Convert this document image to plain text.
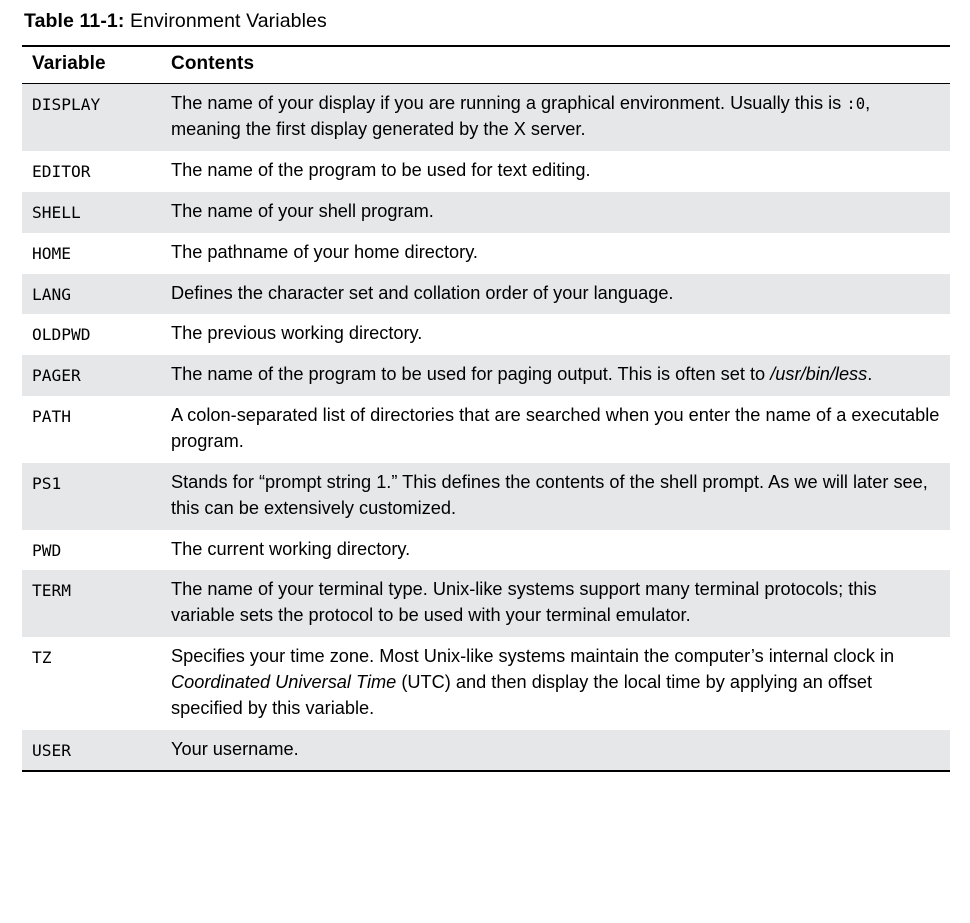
Table 11-1: Environment Variables
Variable	Contents
DISPLAY	The name of your display if you are running a graphical environment. Usually this is :0, meaning the first display generated by the X server.
EDITOR	The name of the program to be used for text editing.
SHELL	The name of your shell program.
HOME	The pathname of your home directory.
LANG	Defines the character set and collation order of your language.
OLDPWD	The previous working directory.
PAGER	The name of the program to be used for paging output. This is often set to /usr/bin/less.
PATH	A colon-separated list of directories that are searched when you enter the name of a executable program.
PS1	Stands for “prompt string 1.” This defines the contents of the shell prompt. As we will later see, this can be extensively customized.
PWD	The current working directory.
TERM	The name of your terminal type. Unix-like systems support many terminal protocols; this variable sets the protocol to be used with your terminal emulator.
TZ	Specifies your time zone. Most Unix-like systems maintain the computer’s internal clock in Coordinated Universal Time (UTC) and then display the local time by applying an offset specified by this variable.
USER	Your username.
